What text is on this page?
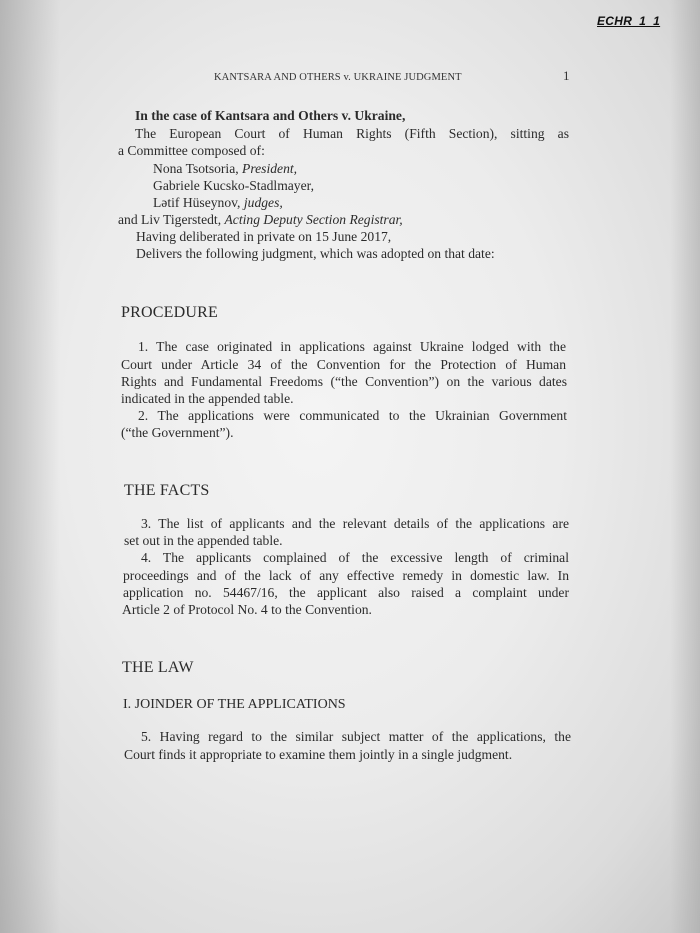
ECHR_1_1
KANTSARA AND OTHERS v. UKRAINE JUDGMENT	1
In the case of Kantsara and Others v. Ukraine,
The European Court of Human Rights (Fifth Section), sitting as
a Committee composed of:
Nona Tsotsoria, President,
Gabriele Kucsko-Stadlmayer,
Lətif Hüseynov, judges,
and Liv Tigerstedt, Acting Deputy Section Registrar,
Having deliberated in private on 15 June 2017,
Delivers the following judgment, which was adopted on that date:
PROCEDURE
1. The case originated in applications against Ukraine lodged with the
Court under Article 34 of the Convention for the Protection of Human
Rights and Fundamental Freedoms (“the Convention”) on the various dates
indicated in the appended table.
2. The applications were communicated to the Ukrainian Government
(“the Government”).
THE FACTS
3. The list of applicants and the relevant details of the applications are
set out in the appended table.
4. The applicants complained of the excessive length of criminal
proceedings and of the lack of any effective remedy in domestic law. In
application no. 54467/16, the applicant also raised a complaint under
Article 2 of Protocol No. 4 to the Convention.
THE LAW
I. JOINDER OF THE APPLICATIONS
5. Having regard to the similar subject matter of the applications, the
Court finds it appropriate to examine them jointly in a single judgment.
